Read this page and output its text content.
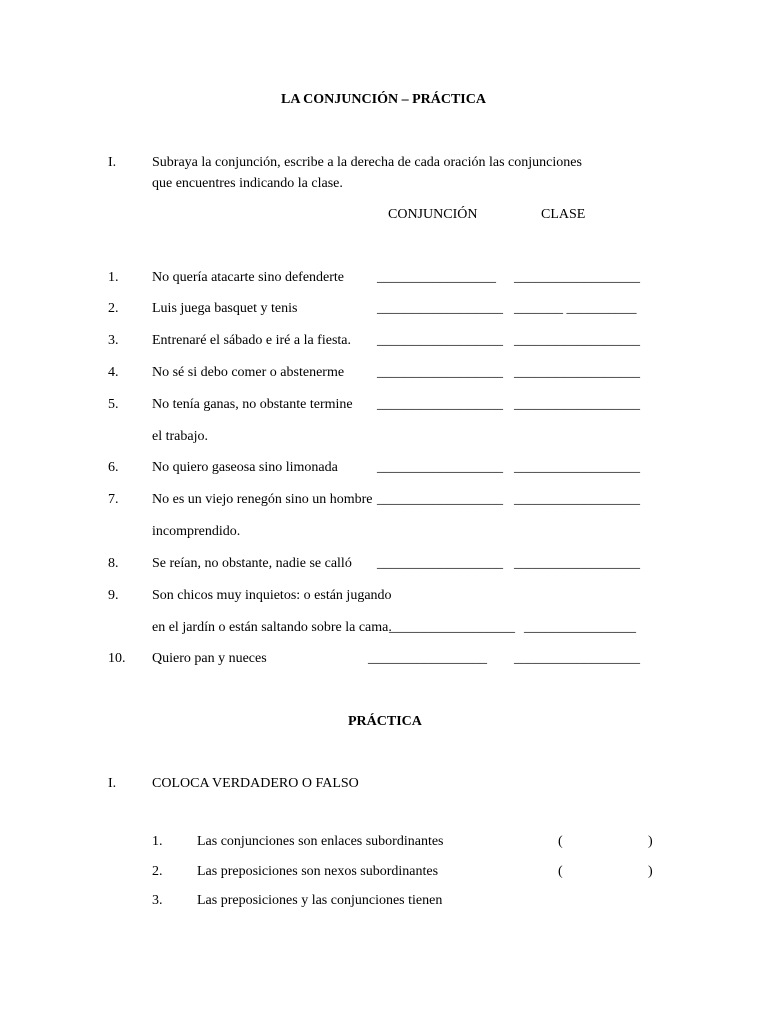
LA CONJUNCIÓN – PRÁCTICA
I.	Subraya la conjunción, escribe a la derecha de cada oración las conjunciones
que encuentres indicando la clase.
CONJUNCIÓN	CLASE
1. No quería atacarte sino defenderte _________________ __________________
2. Luis juega basquet y tenis	__________________ _______ __________
3. Entrenaré el sábado e iré a la fiesta. __________________ __________________
4. No sé si debo comer o abstenerme __________________ __________________
5. No tenía ganas, no obstante termine __________________ __________________
el trabajo.
6. No quiero gaseosa sino limonada	__________________ __________________
7. No es un viejo renegón sino un hombre __________________ __________________
incomprendido.
8. Se reían, no obstante, nadie se calló __________________ __________________
9. Son chicos muy inquietos: o están jugando
en el jardín o están saltando sobre la cama.
__________________ ________________
10. Quiero pan y nueces	_________________ __________________
PRÁCTICA
I.	COLOCA VERDADERO O FALSO
1. Las conjunciones son enlaces subordinantes	(	)
2. Las preposiciones son nexos subordinantes	(	)
3. Las preposiciones y las conjunciones tienen
